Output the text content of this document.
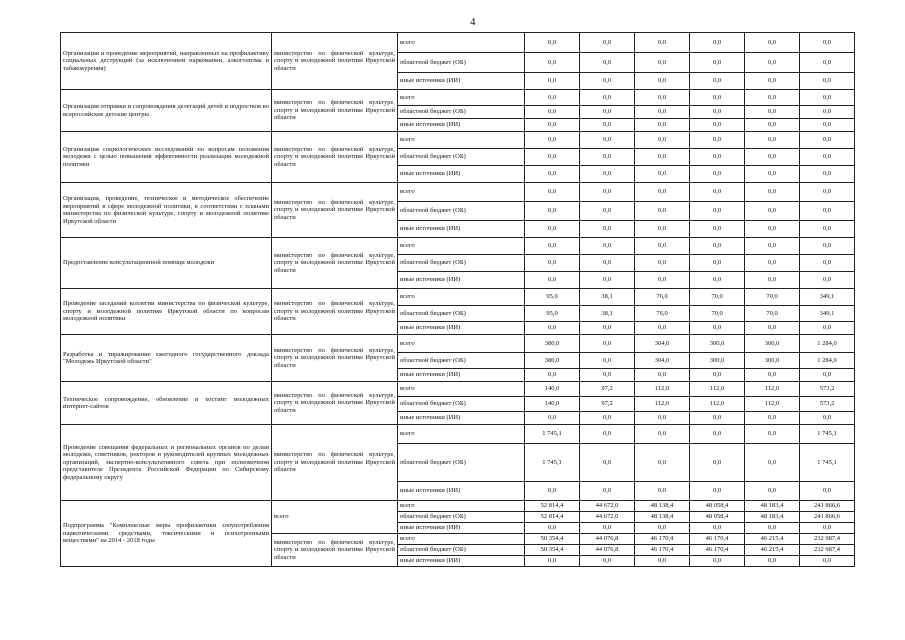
4
Организация и проведение мероприятий, направленных на профилактику социальных деструкций (за исключением наркомании, алкоголизма и табакокурения)	министерство по физической культуре, спорту и молодежной политике Иркутской области	всего	0,0	0,0	0,0	0,0	0,0	0,0
		областной бюджет (ОБ)	0,0	0,0	0,0	0,0	0,0	0,0
		иные источники (ИИ)	0,0	0,0	0,0	0,0	0,0	0,0
Организация отправки и сопровождения делегаций детей и подростков во всероссийские детские центры	министерство по физической культуре, спорту и молодежной политике Иркутской области	всего	0,0	0,0	0,0	0,0	0,0	0,0
		областной бюджет (ОБ)	0,0	0,0	0,0	0,0	0,0	0,0
		иные источники (ИИ)	0,0	0,0	0,0	0,0	0,0	0,0
Организация социологических исследований по вопросам положения молодежи с целью повышения эффективности реализации молодежной политики	министерство по физической культуре, спорту и молодежной политике Иркутской области	всего	0,0	0,0	0,0	0,0	0,0	0,0
		областной бюджет (ОБ)	0,0	0,0	0,0	0,0	0,0	0,0
		иные источники (ИИ)	0,0	0,0	0,0	0,0	0,0	0,0
Организация, проведение, техническое и методическое обеспечение мероприятий в сфере молодежной политики, в соответствии с планами министерства по физической культуре, спорту и молодежной политике Иркутской области	министерство по физической культуре, спорту и молодежной политике Иркутской области	всего	0,0	0,0	0,0	0,0	0,0	0,0
		областной бюджет (ОБ)	0,0	0,0	0,0	0,0	0,0	0,0
		иные источники (ИИ)	0,0	0,0	0,0	0,0	0,0	0,0
Предоставление консультационной помощи молодежи	министерство по физической культуре, спорту и молодежной политике Иркутской области	всего	0,0	0,0	0,0	0,0	0,0	0,0
		областной бюджет (ОБ)	0,0	0,0	0,0	0,0	0,0	0,0
		иные источники (ИИ)	0,0	0,0	0,0	0,0	0,0	0,0
Проведение заседаний коллегии министерства по физической культуре, спорту и молодежной политике Иркутской области по вопросам молодежной политики	министерство по физической культуре, спорту и молодежной политике Иркутской области	всего	95,0	38,1	76,0	70,0	70,0	349,1
		областной бюджет (ОБ)	95,0	38,1	76,0	70,0	70,0	349,1
		иные источники (ИИ)	0,0	0,0	0,0	0,0	0,0	0,0
Разработка и тиражирование ежегодного государственного доклада "Молодежь Иркутской области"	министерство по физической культуре, спорту и молодежной политике Иркутской области	всего	380,0	0,0	304,0	300,0	300,0	1 284,0
		областной бюджет (ОБ)	380,0	0,0	304,0	300,0	300,0	1 284,0
		иные источники (ИИ)	0,0	0,0	0,0	0,0	0,0	0,0
Техническое сопровождение, обновление и хостинг молодежных интернет-сайтов	министерство по физической культуре, спорту и молодежной политике Иркутской области	всего	140,0	97,2	112,0	112,0	112,0	573,2
		областной бюджет (ОБ)	140,0	97,2	112,0	112,0	112,0	573,2
		иные источники (ИИ)	0,0	0,0	0,0	0,0	0,0	0,0
Проведение совещания федеральных и региональных органов по делам молодежи, советников, ректоров и руководителей крупных молодежных организаций, экспертно-консультативного совета при полномочном представителе Президента Российской Федерации по Сибирскому федеральному округу	министерство по физической культуре, спорту и молодежной политике Иркутской области	всего	1 745,1	0,0	0,0	0,0	0,0	1 745,1
		областной бюджет (ОБ)	1 745,1	0,0	0,0	0,0	0,0	1 745,1
		иные источники (ИИ)	0,0	0,0	0,0	0,0	0,0	0,0
Подпрограмма "Комплексные меры профилактики злоупотребления наркотическими средствами, токсическими и психотропными веществами" на 2014 - 2018 годы	всего	всего	52 814,4	44 672,0	48 138,4	48 058,4	48 183,4	241 866,6
		областной бюджет (ОБ)	52 814,4	44 672,0	48 138,4	48 058,4	48 183,4	241 866,6
		иные источники (ИИ)	0,0	0,0	0,0	0,0	0,0	0,0
	министерство по физической культуре, спорту и молодежной политике Иркутской области	всего	50 354,4	44 076,8	46 170,4	46 170,4	46 215,4	232 987,4
		областной бюджет (ОБ)	50 354,4	44 076,8	46 170,4	46 170,4	46 215,4	232 987,4
		иные источники (ИИ)	0,0	0,0	0,0	0,0	0,0	0,0
